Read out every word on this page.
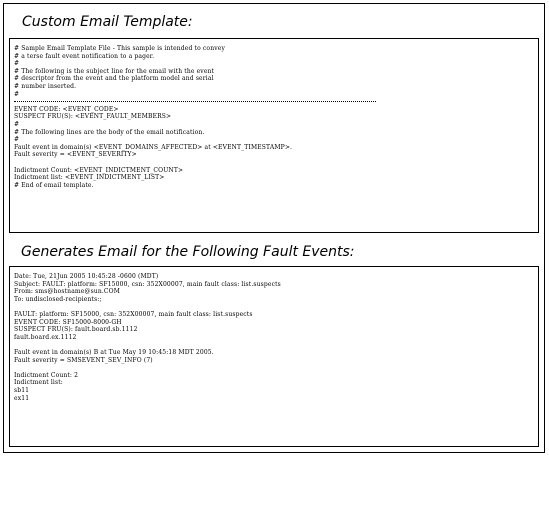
Custom Email Template:
# Sample Email Template File - This sample is intended to convey
# a terse fault event notification to a pager.
#
# The following is the subject line for the email with the event
# descriptor from the event and the platform model and serial
# number inserted.
#
EVENT CODE: <EVENT_CODE>
SUSPECT FRU(S): <EVENT_FAULT_MEMBERS>
#
# The following lines are the body of the email notification.
#
Fault event in domain(s) <EVENT_DOMAINS_AFFECTED> at <EVENT_TIMESTAMP>.
Fault severity = <EVENT_SEVERITY>
Indictment Count: <EVENT_INDICTMENT_COUNT>
Indictment list: <EVENT_INDICTMENT_LIST>
# End of email template.
Generates Email for the Following Fault Events:
Date: Tue, 21Jun 2005 10:45:28 -0600 (MDT)
Subject: FAULT: platform: SF15000, csn: 352X00007, main fault class: list.suspects
From: sms@hostname@sun.COM
To: undisclosed-recipients:;
FAULT: platform: SF15000, csn: 352X00007, main fault class: list.suspects
EVENT CODE: SF15000-8000-GH
SUSPECT FRU(S): fault.board.sb.1112
fault.board.ex.1112
Fault event in domain(s) B at Tue May 19 10:45:18 MDT 2005.
Fault severity = SMSEVENT_SEV_INFO (7)
Indictment Count: 2
Indictment list:
sb11
ex11
